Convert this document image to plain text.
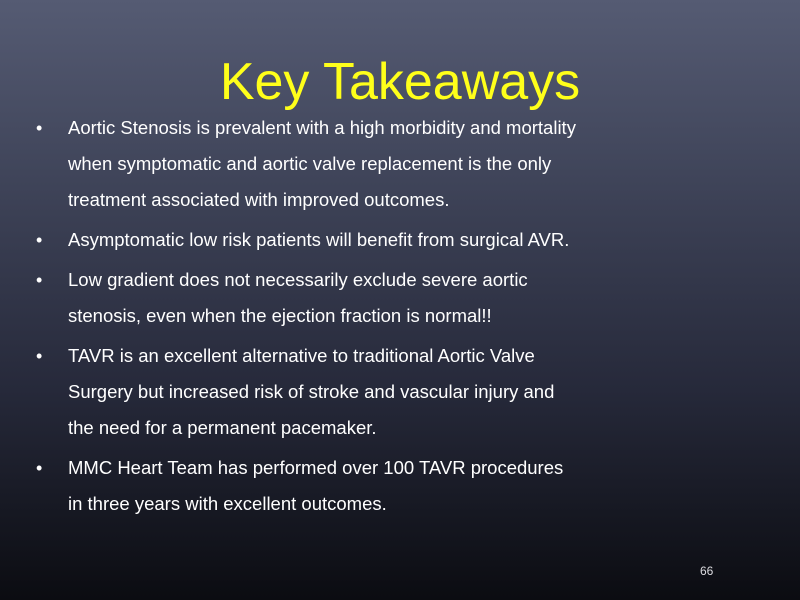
Key Takeaways
•	Aortic Stenosis is prevalent with a high morbidity and mortality when symptomatic and aortic valve replacement is the only treatment associated with improved outcomes.
•	Asymptomatic low risk patients will benefit from surgical AVR.
•	Low gradient does not necessarily exclude severe aortic stenosis, even when the ejection fraction is normal!!
•	TAVR is an excellent alternative to traditional Aortic Valve Surgery but increased risk of stroke and vascular injury and the need for a permanent pacemaker.
•	MMC Heart Team has performed over 100 TAVR procedures in three years with excellent outcomes.
66
